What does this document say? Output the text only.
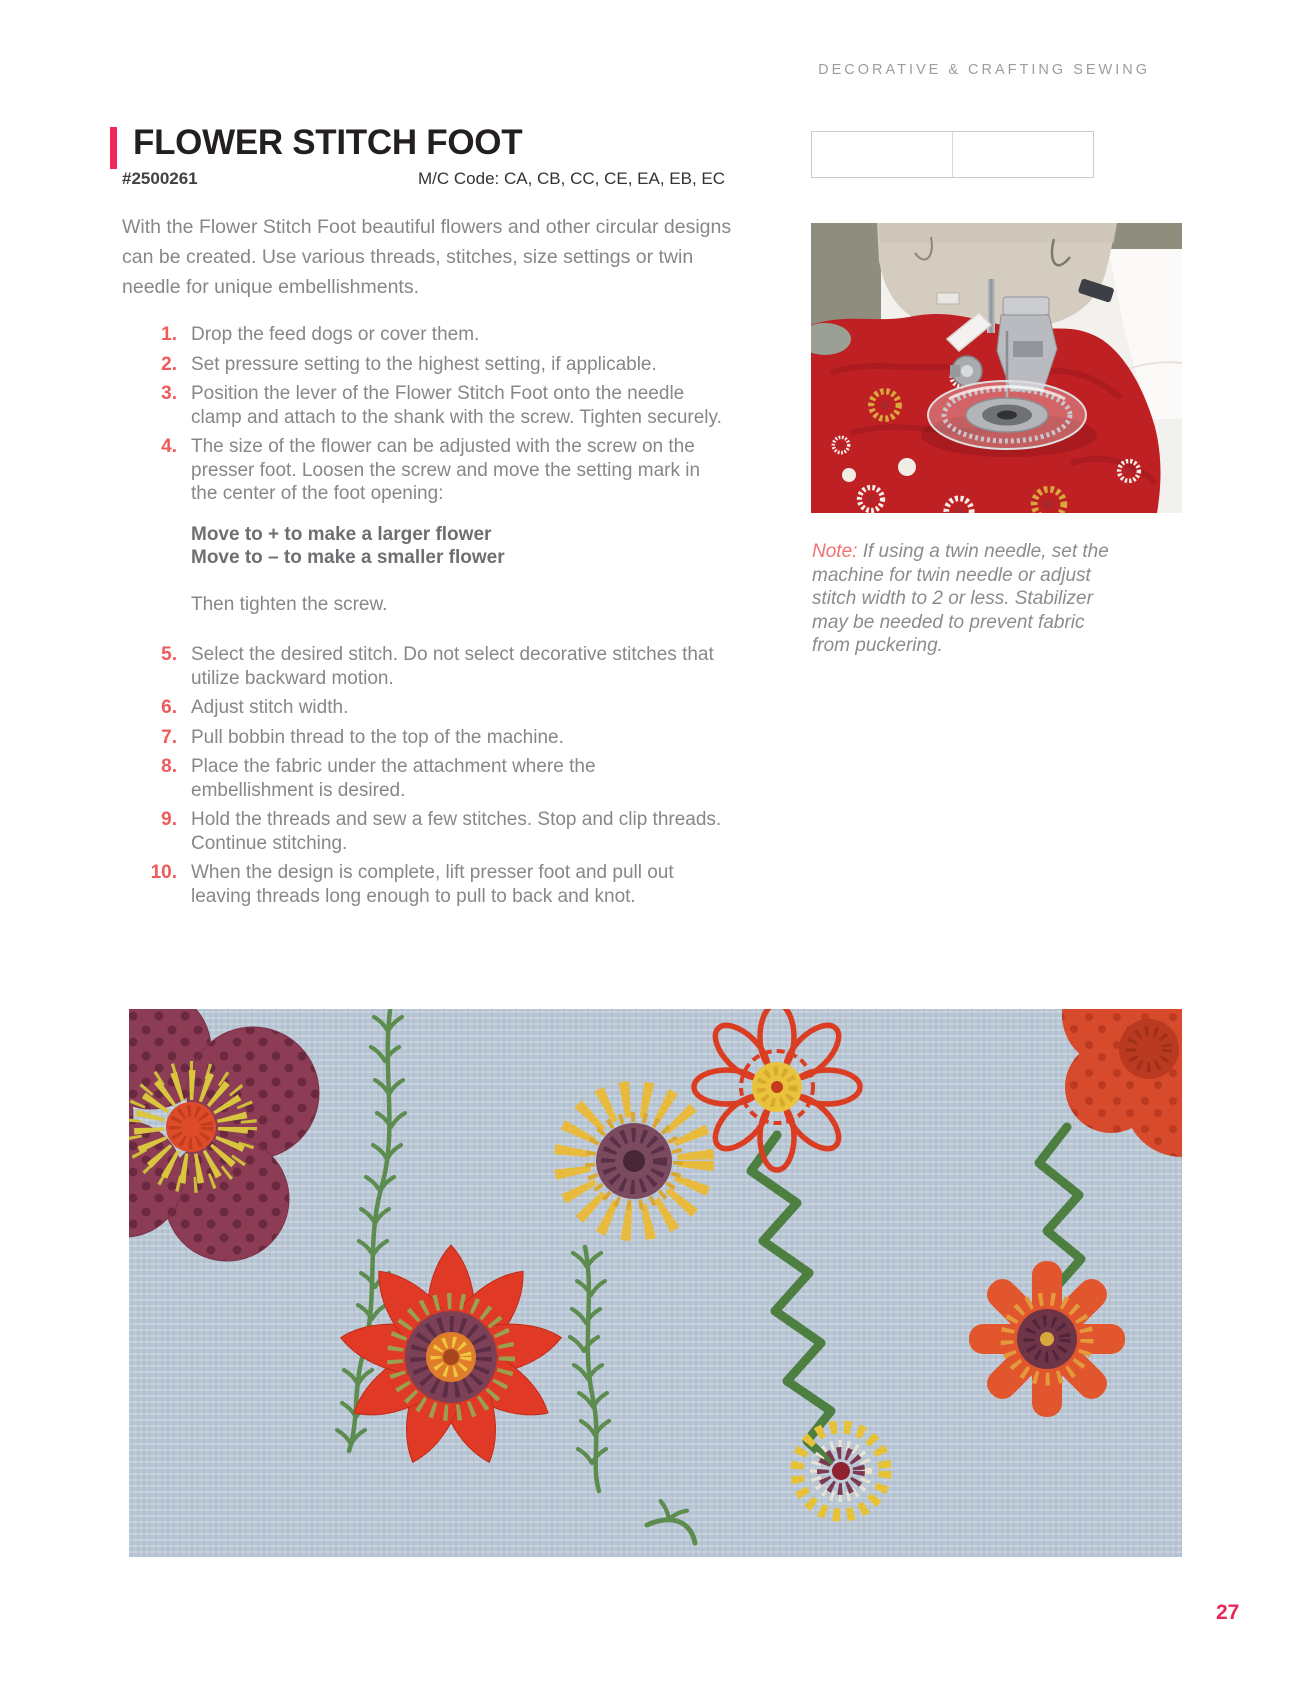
DECORATIVE & CRAFTING SEWING
FLOWER STITCH FOOT
#2500261	M/C Code: CA, CB, CC, CE, EA, EB, EC

With the Flower Stitch Foot beautiful flowers and other circular designs can be created. Use various threads, stitches, size settings or twin needle for unique embellishments.

1. Drop the feed dogs or cover them.
2. Set pressure setting to the highest setting, if applicable.
3. Position the lever of the Flower Stitch Foot onto the needle clamp and attach to the shank with the screw. Tighten securely.
4. The size of the flower can be adjusted with the screw on the presser foot. Loosen the screw and move the setting mark in the center of the foot opening:
Move to + to make a larger flower
Move to – to make a smaller flower
Then tighten the screw.
5. Select the desired stitch. Do not select decorative stitches that utilize backward motion.
6. Adjust stitch width.
7. Pull bobbin thread to the top of the machine.
8. Place the fabric under the attachment where the embellishment is desired.
9. Hold the threads and sew a few stitches. Stop and clip threads. Continue stitching.
10. When the design is complete, lift presser foot and pull out leaving threads long enough to pull to back and knot.

Note: If using a twin needle, set the machine for twin needle or adjust stitch width to 2 or less. Stabilizer may be needed to prevent fabric from puckering.

27
